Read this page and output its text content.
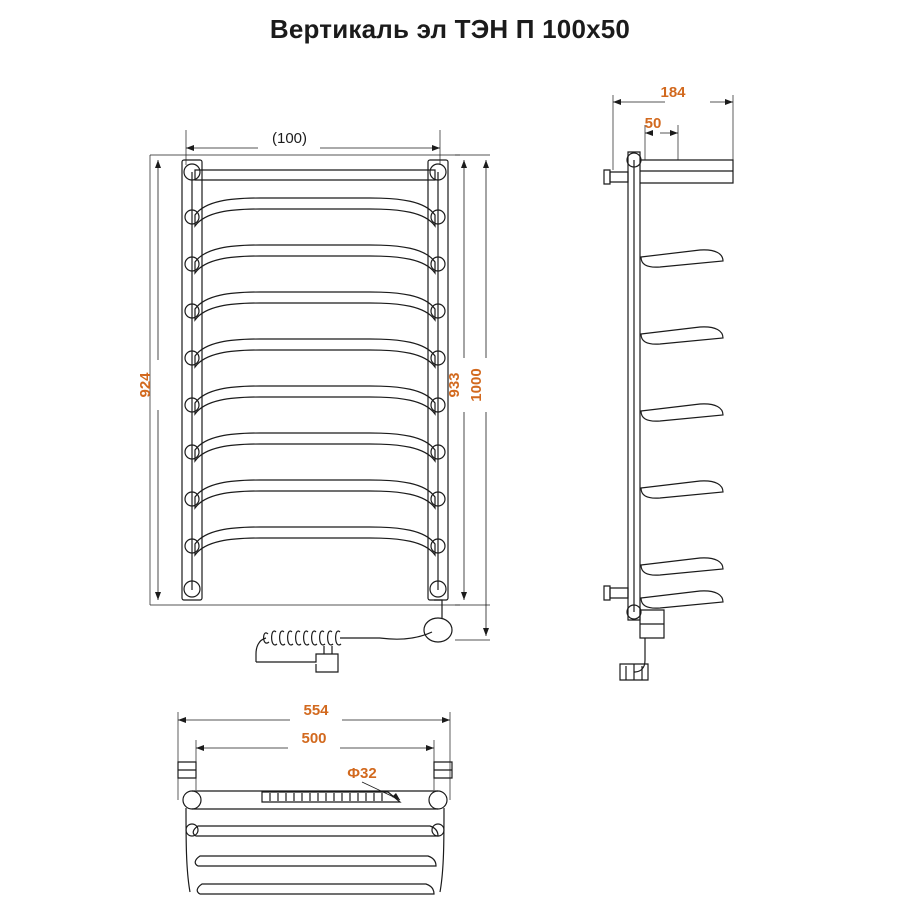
Вертикаль эл ТЭН П 100х50
(100)
924	933 1000
184
50
554
500
Ф32
